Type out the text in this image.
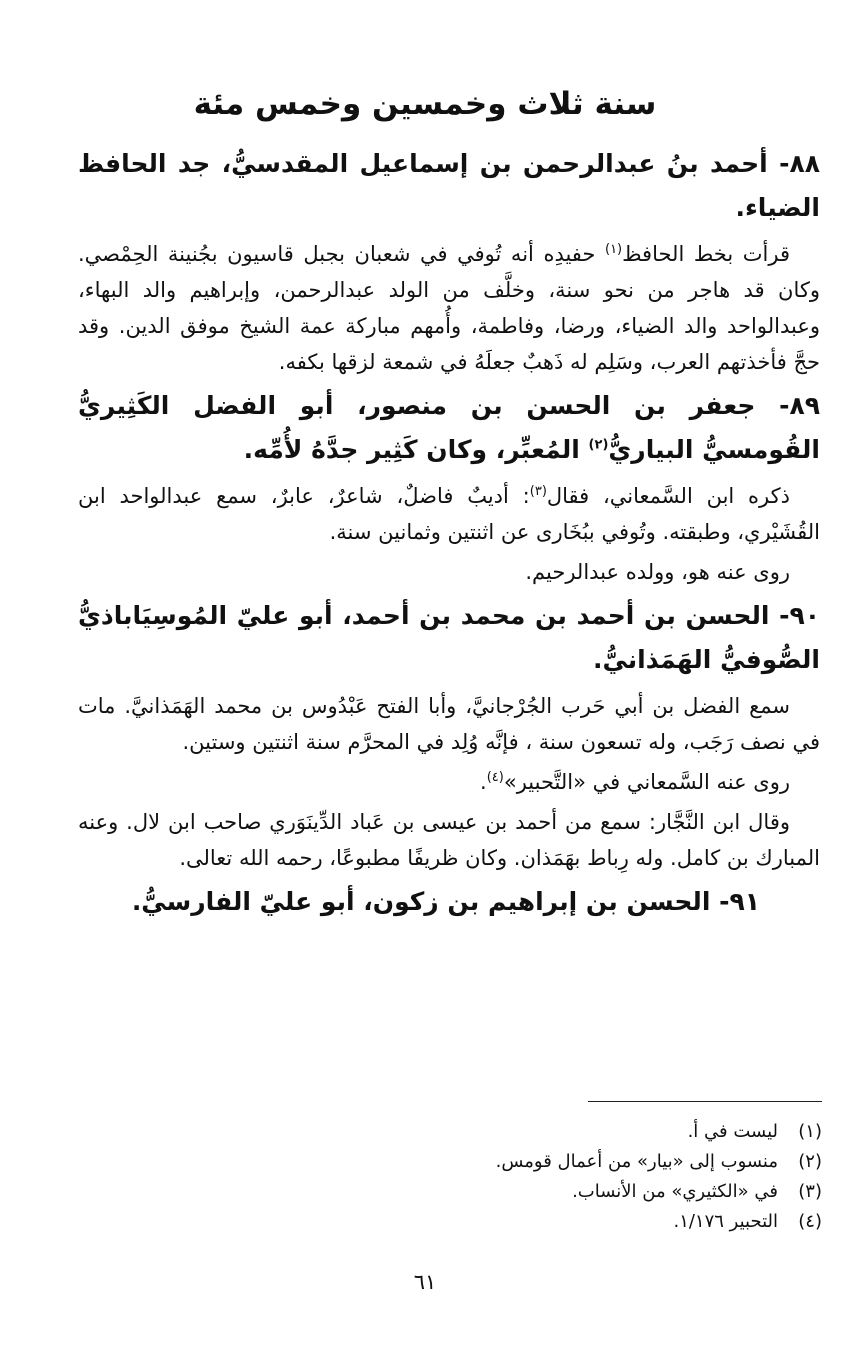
سنة ثلاث وخمسين وخمس مئة

٨٨- أحمد بنُ عبدالرحمن بن إسماعيل المقدسيُّ، جد الحافظ الضياء.

قرأت بخط الحافظ$^{(١)}$ حفيدِه أنه تُوفي في شعبان بجبل قاسيون بجُنينة الحِمْصي. وكان قد هاجر من نحو سنة، وخلَّف من الولد عبدالرحمن، وإبراهيم والد البهاء، وعبدالواحد والد الضياء، ورضا، وفاطمة، وأُمهم مباركة عمة الشيخ موفق الدين. وقد حجَّ فأخذتهم العرب، وسَلِم له ذَهبٌ جعلَهُ في شمعة لزقها بكفه.

٨٩- جعفر بن الحسن بن منصور، أبو الفضل الكَثِيريُّ القُومسيُّ البياريُّ$^{(٢)}$ المُعبِّر، وكان كَثِير جدَّهُ لأُمِّه.

ذكره ابن السَّمعاني، فقال$^{(٣)}$: أديبٌ فاضلٌ، شاعرٌ، عابرٌ، سمع عبدالواحد ابن القُشَيْري، وطبقته. وتُوفي ببُخَارى عن اثنتين وثمانين سنة.

روى عنه هو، وولده عبدالرحيم.

٩٠- الحسن بن أحمد بن محمد بن أحمد، أبو عليّ المُوسِيَاباذيُّ الصُّوفيُّ الهَمَذانيُّ.

سمع الفضل بن أبي حَرب الجُرْجانيَّ، وأبا الفتح عَبْدُوس بن محمد الهَمَذانيَّ. مات في نصف رَجَب، وله تسعون سنة ، فإنَّه وُلِد في المحرَّم سنة اثنتين وستين.

روى عنه السَّمعاني في «التَّحبير»$^{(٤)}$.

وقال ابن النَّجَّار: سمع من أحمد بن عيسى بن عَباد الدِّينَوَري صاحب ابن لال. وعنه المبارك بن كامل. وله رِباط بهَمَذان. وكان ظريفًا مطبوعًا، رحمه الله تعالى.

٩١- الحسن بن إبراهيم بن زكون، أبو عليّ الفارسيُّ.

(١)
ليست في أ.
(٢)
منسوب إلى «بيار» من أعمال قومس.
(٣)
في «الكثيري» من الأنساب.
(٤)
التحبير ١/١٧٦.
٦١
